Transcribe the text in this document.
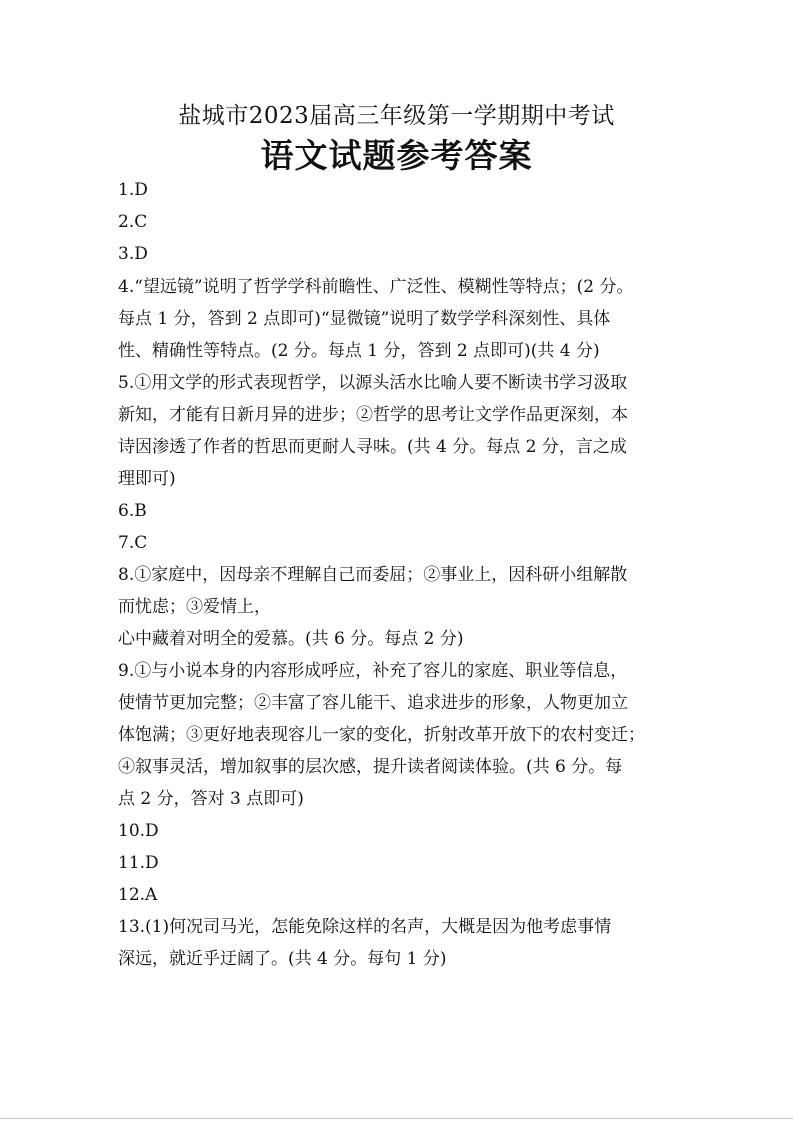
盐城市2023届高三年级第一学期期中考试
语文试题参考答案
1.D
2.C
3.D
4.“望远镜”说明了哲学学科前瞻性、广泛性、模糊性等特点；(2 分。
每点 1 分，答到 2 点即可)“显微镜”说明了数学学科深刻性、具体
性、精确性等特点。(2 分。每点 1 分，答到 2 点即可)(共 4 分)
5.①用文学的形式表现哲学，以源头活水比喻人要不断读书学习汲取
新知，才能有日新月异的进步；②哲学的思考让文学作品更深刻，本
诗因渗透了作者的哲思而更耐人寻味。(共 4 分。每点 2 分，言之成
理即可)
6.B
7.C
8.①家庭中，因母亲不理解自己而委屈；②事业上，因科研小组解散
而忧虑；③爱情上，
心中藏着对明全的爱慕。(共 6 分。每点 2 分)
9.①与小说本身的内容形成呼应，补充了容儿的家庭、职业等信息，
使情节更加完整；②丰富了容儿能干、追求进步的形象，人物更加立
体饱满；③更好地表现容儿一家的变化，折射改革开放下的农村变迁；
④叙事灵活，增加叙事的层次感，提升读者阅读体验。(共 6 分。每
点 2 分，答对 3 点即可)
10.D
11.D
12.A
13.(1)何况司马光，怎能免除这样的名声，大概是因为他考虑事情
深远，就近乎迂阔了。(共 4 分。每句 1 分)
